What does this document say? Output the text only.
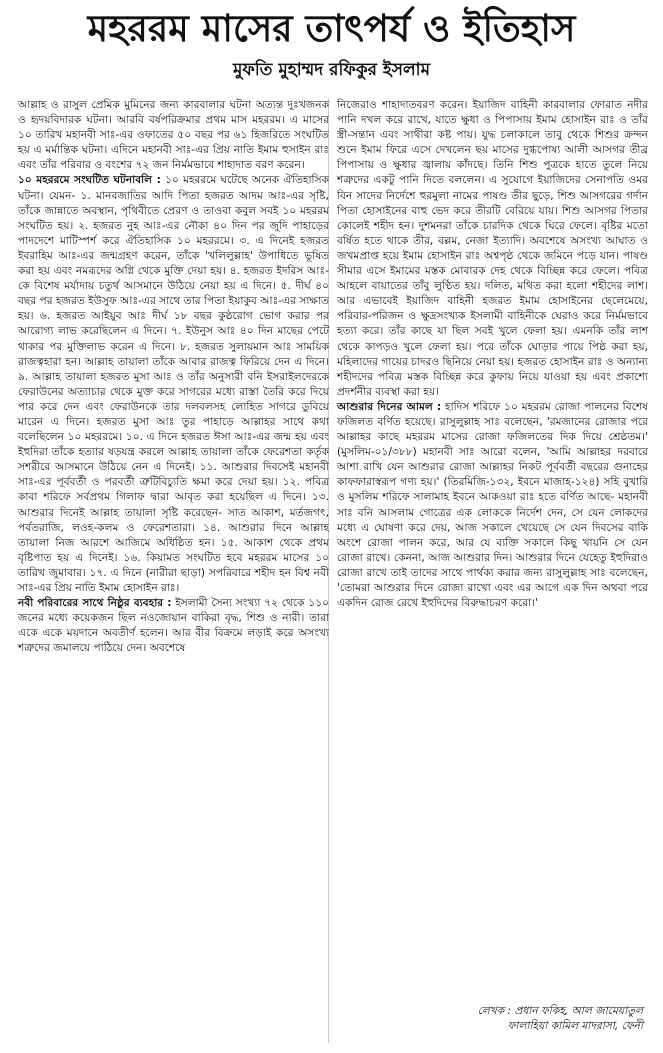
মহররম মাসের তাৎপর্য ও ইতিহাস
মুফতি মুহাম্মদ রফিকুর ইসলাম

আল্লাহ ও রাসুল প্রেমিক মুমিনের জন্য কারবালার ঘটনা অত্যন্ত দুঃখজনক ও হৃদয়বিদারক ঘটনা। আরবি বর্ষপরিক্রমার প্রথম মাস মহররম। এ মাসের ১০ তারিখ মহানবী সাঃ-এর ওফাতের ৫০ বছর পর ৬১ হিজরিতে সংঘটিত হয় এ মর্মান্তিক ঘটনা। এদিনে মহানবী সাঃ-এর প্রিয় নাতি ইমাম হুসাইন রাঃ এবং তাঁর পরিবার ও বংশের ৭২ জন নির্মমভাবে শাহাদাত বরণ করেন।

১০ মহররমে সংঘটিত ঘটনাবলি : ১০ মহররমে ঘটেছে অনেক ঐতিহাসিক ঘটনা। যেমন- ১. মানবজাতির আদি পিতা হজরত আদম আঃ-এর সৃষ্টি, তাঁকে জান্নাতে অবস্থান, পৃথিবীতে প্রেরণ ও তাওবা কবুল সবই ১০ মহররম সংঘটিত হয়। ২. হজরত নুহ আঃ-এর নৌকা ৪০ দিন পর জুদি পাহাড়ের পাদদেশে মাটিস্পর্শ করে ঐতিহাসিক ১০ মহররমে। ৩. এ দিনেই হজরত ইবরাহিম আঃ-এর জন্মগ্রহণ করেন, তাঁকে 'খলিলুল্লাহ' উপাধিতে ভূষিত করা হয় এবং নমরূদের অগ্নি থেকে মুক্তি দেয়া হয়। ৪. হজরত ইদরিস আঃ-কে বিশেষ মর্যাদায় চতুর্থ আসমানে উঠিয়ে নেয়া হয় এ দিনে। ৫. দীর্ঘ ৪০ বছর পর হজরত ইউসুফ আঃ-এর সাথে তার পিতা ইয়াকুব আঃ-এর সাক্ষাত হয়। ৬. হজরত আইয়ুব আঃ দীর্ঘ ১৮ বছর কুষ্ঠরোগ ভোগ করার পর আরোগ্য লাভ করেছিলেন এ দিনে। ৭. ইউনুস আঃ ৪০ দিন মাছের পেটে থাকার পর মুক্তিলাভ করেন এ দিনে। ৮. হজরত সুলায়মান আঃ সাময়িক রাজত্বহারা হন। আল্লাহ তায়ালা তাঁকে আবার রাজত্ব ফিরিয়ে দেন এ দিনে। ৯. আল্লাহ তায়ালা হজরত মুসা আঃ ও তাঁর অনুসারী বনি ইসরাইলদেরকে ফেরাউনের অত্যাচার থেকে মুক্ত করে সাগরের মধ্যে রাস্তা তৈরি করে দিয়ে পার করে দেন এবং ফেরাউনকে তার দলবলসহ লোহিত সাগরে ডুবিয়ে মারেন এ দিনে। হজরত মুসা আঃ তুর পাহাড়ে আল্লাহর সাথে কথা বলেছিলেন ১০ মহররমে। ১০. এ দিনে হজরত ঈসা আঃ-এর জন্ম হয় এবং ইহুদিরা তাঁকে হত্যার ষড়যন্ত্র করলে আল্লাহ তায়ালা তাঁকে ফেরেশতা কর্তৃক সশরীরে আসমানে উঠিয়ে নেন এ দিনেই। ১১. আশুরার দিবসেই মহানবী সাঃ-এর পূর্ববর্তী ও পরবর্তী ত্রুটিবিচ্যুতি ক্ষমা করে দেয়া হয়। ১২. পবিত্র কাবা শরিফে সর্বপ্রথম গিলাফ দ্বারা আবৃত করা হয়েছিল এ দিনে। ১৩. আশুরার দিনেই আল্লাহ তায়ালা সৃষ্টি করেছেন- সাত আকাশ, মর্তজগৎ, পর্বতরাজি, লওহ-কলম ও ফেরেশতারা। ১৪. আশুরার দিনে আল্লাহ তায়ালা নিজ আরশে আজিমে অধিষ্ঠিত হন। ১৫. আকাশ থেকে প্রথম বৃষ্টিপাত হয় এ দিনেই। ১৬. কিয়ামত সংঘটিত হবে মহররম মাসের ১০ তারিখ জুমাবার। ১৭. এ দিনে (নারীরা ছাড়া) সপরিবারে শহীদ হন বিশ্ব নবী সাঃ-এর প্রিয় নাতি ইমাম হোসাইন রাঃ।

নবী পরিবারের সাথে নিষ্ঠুর ব্যবহার : ইসলামী সৈন্য সংখ্যা ৭২ থেকে ১১০ জনের মধ্যে কয়েকজন ছিল নওজোয়ান বাকিরা বৃদ্ধ, শিশু ও নারী। তারা একে একে ময়দানে অবতীর্ণ হলেন। আর বীর বিক্রমে লড়াই করে অসংখ্য শত্রুদের জমালয়ে পাঠিয়ে দেন। অবশেষে

নিজেরাও শাহাদাতবরণ করেন। ইয়াজিদ বাহিনী কারবালার ফোরাত নদীর পানি দখল করে রাখে, যাতে ক্ষুধা ও পিপাসায় ইমাম হোসাইন রাঃ ও তাঁর স্ত্রী-সন্তান এবং সাথীরা কষ্ট পায়। যুদ্ধ চলাকালে তাবু থেকে শিশুর ক্রন্দন শুনে ইমাম ফিরে এসে দেখলেন ছয় মাসের দুগ্ধপোষ্য আলী আসগর তীব্র পিপাসায় ও ক্ষুধার জ্বালায় কাঁদছে। তিনি শিশু পুত্রকে হাতে তুলে নিয়ে শত্রুদের একটু পানি দিতে বললেন। এ সুযোগে ইয়াজিদের সেনাপতি ওমর বিন সাদের নির্দেশে হুরমুলা নামের পাষণ্ড তীর ছুড়ে, শিশু আসগরের গর্দান পিতা হোসাইনের বাহু ভেদ করে তীরটি বেরিয়ে যায়। শিশু আসগর পিতার কোলেই শহীদ হন। দুশমনরা তাঁকে চারদিক থেকে ঘিরে ফেলে। বৃষ্টির মতো বর্ষিত হতে থাকে তীর, বল্লম, নেজা ইত্যাদি। অবশেষে অসংখ্য আঘাত ও জখমপ্রাপ্ত হয়ে ইমাম হোসাইন রাঃ অশ্বপৃষ্ঠ থেকে জমিনে পড়ে যান। পাষণ্ড সীমার এসে ইমামের মস্তক মোবারক দেহ থেকে বিচ্ছিন্ন করে ফেলে। পবিত্র আহলে বায়াতের তাঁবু লুণ্ঠিত হয়। দলিত, মথিত করা হলো শহীদের লাশ। আর এভাবেই ইয়াজিদ বাহিনী হজরত ইমাম হোসাইনের ছেলেমেয়ে, পরিবার-পরিজন ও ক্ষুদ্রসংখ্যক ইসলামী বাহিনীকে ঘেরাও করে নির্মমভাবে হত্যা করে। তাঁর কাছে যা ছিল সবই খুলে ফেলা হয়। এমনকি তাঁর লাশ থেকে কাপড়ও খুলে ফেলা হয়। পরে তাঁকে ঘোড়ার পায়ে পিষ্ঠ করা হয়, মহিলাদের গায়ের চাদরও ছিনিয়ে নেয়া হয়। হজরত হোসাইন রাঃ ও অন্যান্য শহীদদের পবিত্র মস্তক বিচ্ছিন্ন করে কুফায় নিয়ে যাওয়া হয় এবং প্রকাশ্যে প্রদর্শনীর ব্যবস্থা করা হয়।

আশুরার দিনের আমল : হাদিস শরিফে ১০ মহররম রোজা পালনের বিশেষ ফজিলত বর্ণিত হয়েছে। রাসুলুল্লাহ সাঃ বলেছেন, 'রমজানের রোজার পরে আল্লাহর কাছে মহররম মাসের রোজা ফজিলতের দিক দিয়ে শ্রেষ্ঠতম।' (মুসলিম-০১/৩৮৮) মহানবী সাঃ আরো বলেন, 'আমি আল্লাহর দরবারে আশা রাখি যেন আশুরার রোজা আল্লাহর নিকট পূর্ববর্তী বছরের গুনাহের কাফফারাস্বরূপ গণ্য হয়।' (তিরমিজি-১৩২, ইবনে মাজাহ-১২৪) সহি বুখারি ও মুসলিম শরিফে সালামাহ ইবনে আকওয়া রাঃ হতে বর্ণিত আছে- মহানবী সাঃ বনি আসলাম গোত্রের এক লোককে নির্দেশ দেন, সে যেন লোকদের মধ্যে এ ঘোষণা করে দেয়, আজ সকালে খেয়েছে সে যেন দিবসের বাকি অংশে রোজা পালন করে, আর যে ব্যক্তি সকালে কিছু খায়নি সে যেন রোজা রাখে। কেননা, আজ আশুরার দিন। আশুরার দিনে যেহেতু ইহুদিরাও রোজা রাখে তাই তাদের সাথে পার্থক্য করার জন্য রাসুলুল্লাহ সাঃ বলেছেন, 'তোমরা আশুরার দিনে রোজা রাখো এবং এর আগে এক দিন অথবা পরে একদিন রোজ রেখে ইহুদিদের বিরুদ্ধাচরণ করো।'

লেখক : প্রধান ফকিহ, আল জামেয়াতুল
ফালাহিয়া কামিল মাদরাসা, ফেনী
